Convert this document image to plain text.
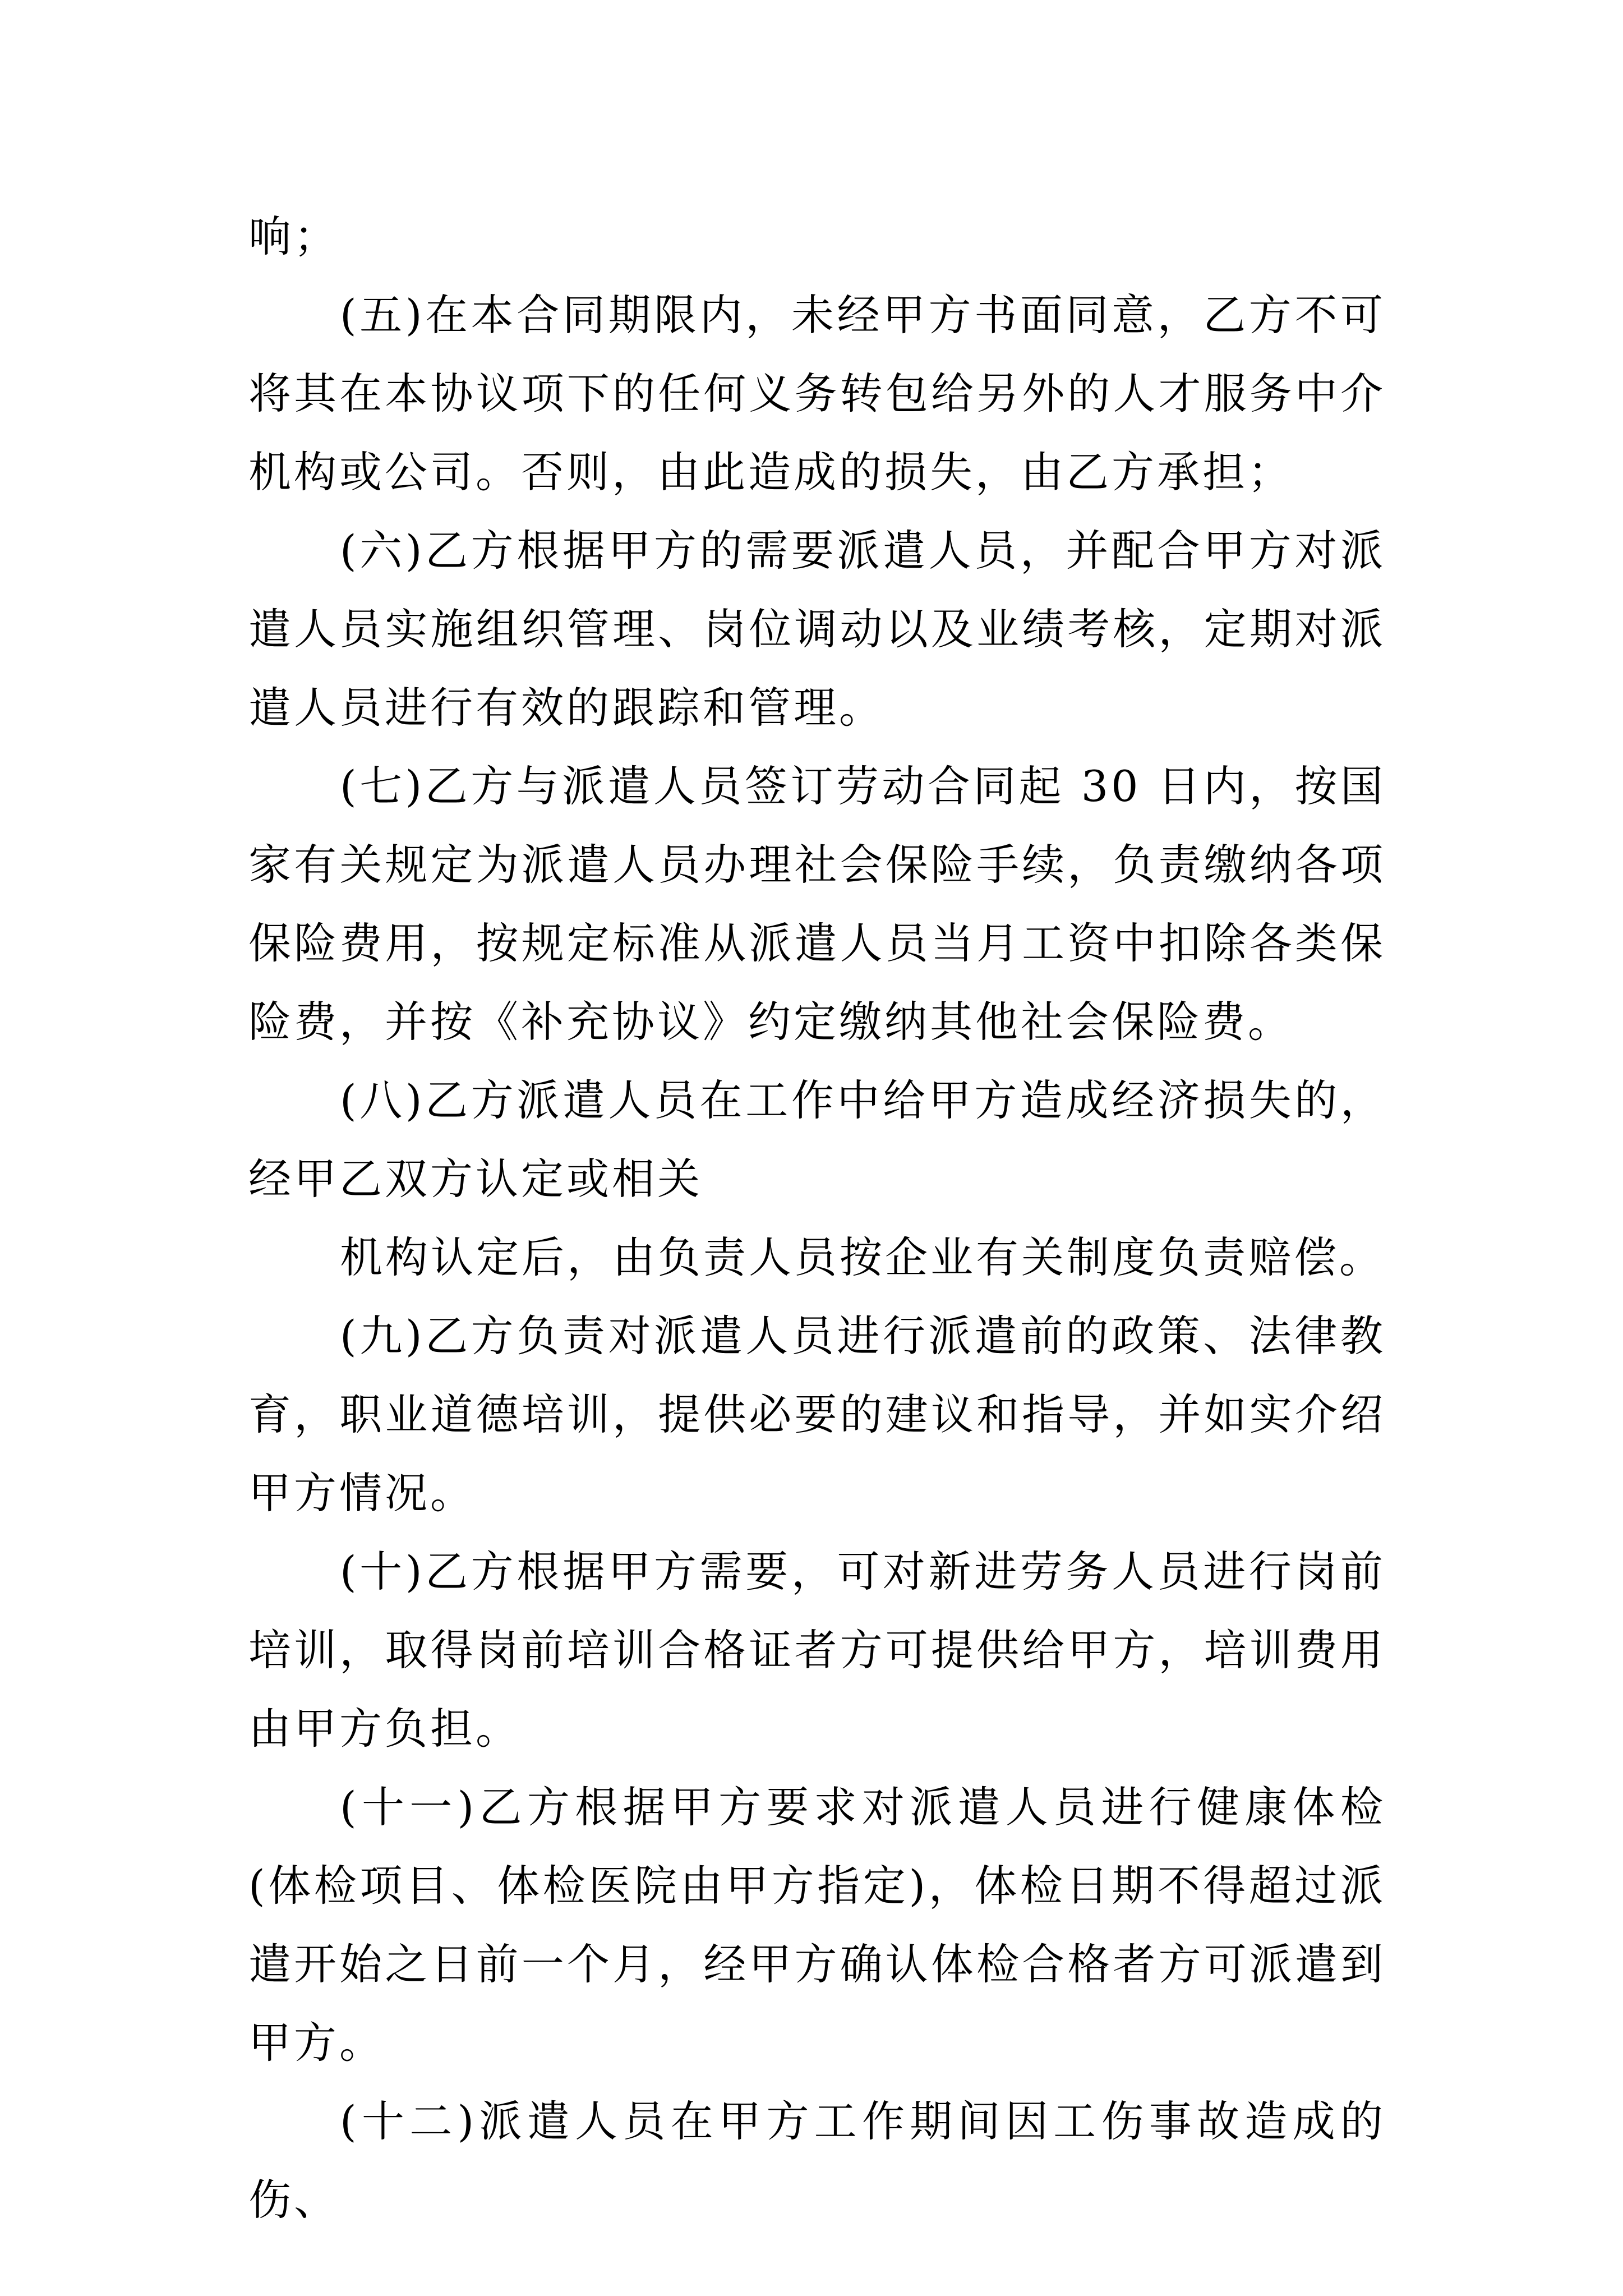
响；

(五)在本合同期限内，未经甲方书面同意，乙方不可将其在本协议项下的任何义务转包给另外的人才服务中介机构或公司。否则，由此造成的损失，由乙方承担；

(六)乙方根据甲方的需要派遣人员，并配合甲方对派遣人员实施组织管理、岗位调动以及业绩考核，定期对派遣人员进行有效的跟踪和管理。

(七)乙方与派遣人员签订劳动合同起 30 日内，按国家有关规定为派遣人员办理社会保险手续，负责缴纳各项保险费用，按规定标准从派遣人员当月工资中扣除各类保险费，并按《补充协议》约定缴纳其他社会保险费。

(八)乙方派遣人员在工作中给甲方造成经济损失的，经甲乙双方认定或相关

机构认定后，由负责人员按企业有关制度负责赔偿。

(九)乙方负责对派遣人员进行派遣前的政策、法律教育，职业道德培训，提供必要的建议和指导，并如实介绍甲方情况。

(十)乙方根据甲方需要，可对新进劳务人员进行岗前培训，取得岗前培训合格证者方可提供给甲方，培训费用由甲方负担。

(十一)乙方根据甲方要求对派遣人员进行健康体检(体检项目、体检医院由甲方指定)，体检日期不得超过派遣开始之日前一个月，经甲方确认体检合格者方可派遣到甲方。

(十二)派遣人员在甲方工作期间因工伤事故造成的伤、
